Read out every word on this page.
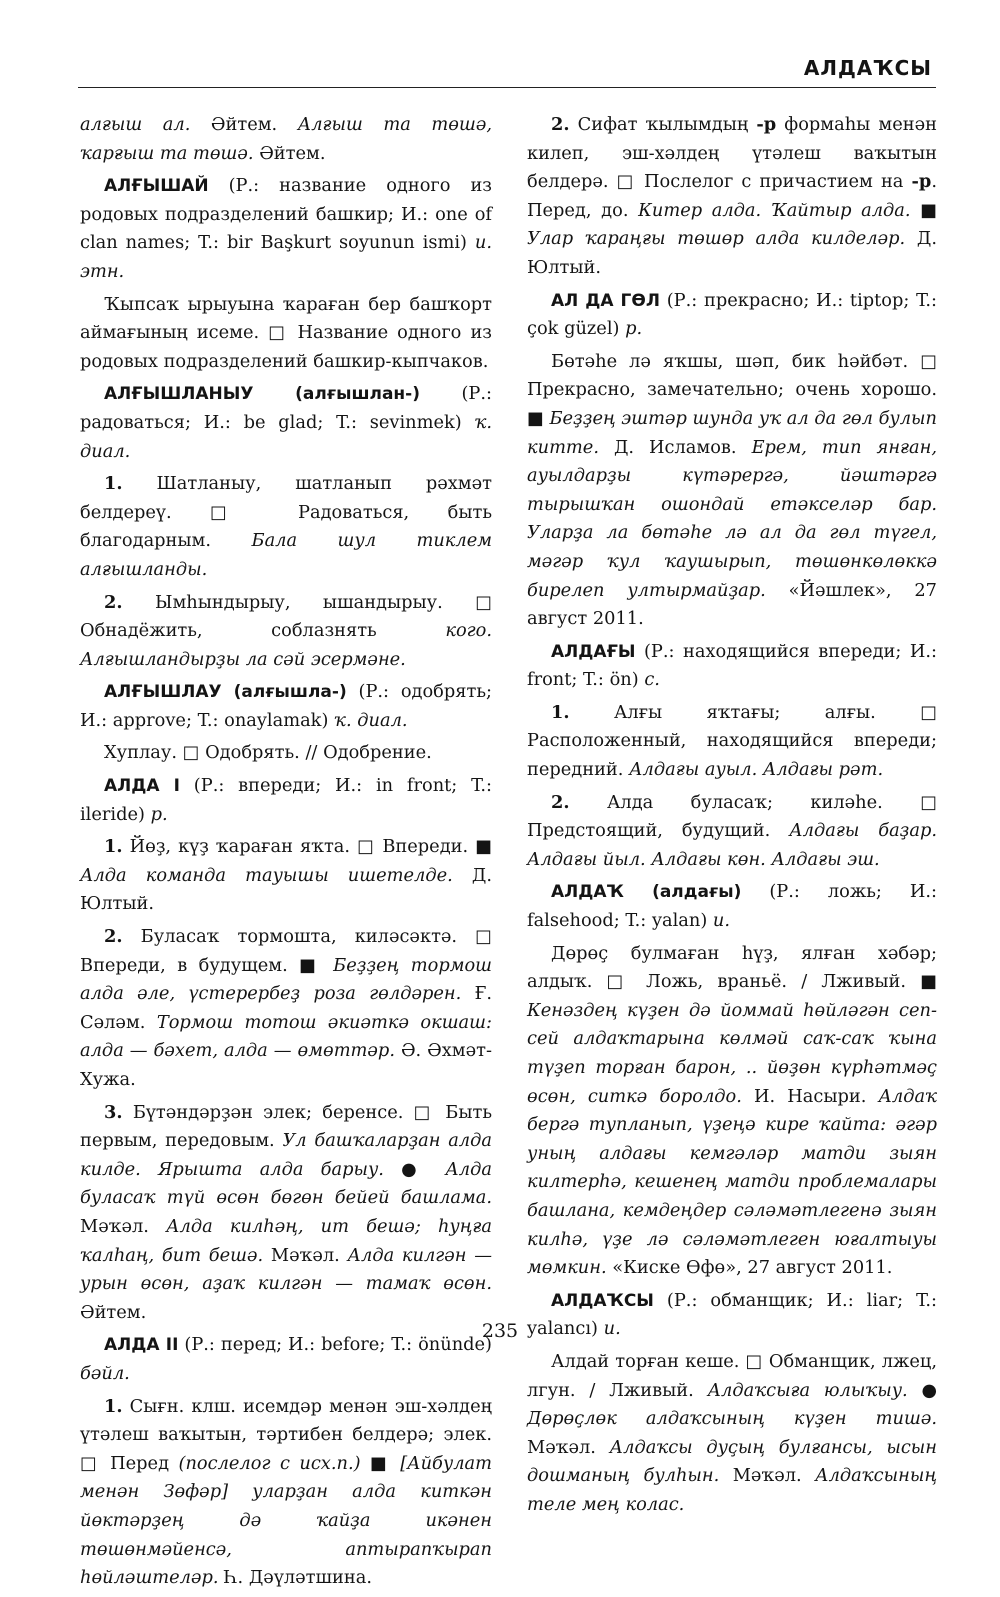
АЛДАҠСЫ

алғыш ал. Әйтем. Алғыш та төшә, ҡарғыш та төшә. Әйтем.

АЛҒЫШАЙ (Р.: название одного из родовых подразделений башкир; И.: one of clan names; T.: bir Başkurt soyunun ismi) и. этн.

Ҡыпсаҡ ырыуына ҡараған бер башҡорт аймағының исеме. □ Название одного из родовых подразделений башкир-кыпчаков.

АЛҒЫШЛАНЫУ (алғышлан-) (Р.: радоваться; И.: be glad; T.: sevinmek) ҡ. диал.

1. Шатланыу, шатланып рәхмәт белдереү. □ Радоваться, быть благодарным. Бала шул тиклем алғышланды.

2. Ымһындырыу, ышандырыу. □ Обнадёжить, соблазнять кого. Алғышландырҙы ла сәй эсермәне.

АЛҒЫШЛАУ (алғышла-) (Р.: одобрять; И.: approve; T.: onaylamak) ҡ. диал.

Хуплау. □ Одобрять. // Одобрение.

АЛДА I (Р.: впереди; И.: in front; T.: ileride) р.

1. Йөҙ, күҙ ҡараған яҡта. □ Впереди. ■ Алда команда тауышы ишетелде. Д. Юлтый.

2. Буласаҡ тормошта, киләсәктә. □ Впереди, в будущем. ■ Беҙҙең тормош алда әле, үстерербеҙ роза гөлдәрен. Ғ. Сәләм. Тормош тотош әкиәткә окшаш: алда — бәхет, алда — өмөттәр. Ә. Әхмәт-Хужа.

3. Бүтәндәрҙән элек; беренсе. □ Быть первым, передовым. Ул башҡаларҙан алда килде. Ярышта алда барыу. ● Алда буласаҡ түй өсөн бөгөн бейей башлама. Мәҡәл. Алда килһәң, ит бешә; һуңға ҡалһаң, бит бешә. Мәҡәл. Алда килгән — урын өсөн, аҙаҡ килгән — тамаҡ өсөн. Әйтем.

АЛДА II (Р.: перед; И.: before; T.: önünde) бәйл.

1. Сығн. клш. исемдәр менән эш-хәлдең үтәлеш ваҡытын, тәртибен белдерә; элек. □ Перед (послелог с исх.п.) ■ [Айбулат менән Зөфәр] уларҙан алда киткән йөктәрҙең дә ҡайҙа икәнен төшөнмәйенсә, аптырапҡырап һөйләштеләр. Һ. Дәүләтшина.

2. Сифат ҡылымдың -р формаһы менән килеп, эш-хәлдең үтәлеш ваҡытын белдерә. □ Послелог с причастием на -р. Перед, до. Китер алда. Ҡайтыр алда. ■ Улар ҡараңғы төшөр алда килделәр. Д. Юлтый.

АЛ ДА ГӨЛ (Р.: прекрасно; И.: tiptop; T.: çok güzel) р.

Бөтәһе лә яҡшы, шәп, бик һәйбәт. □ Прекрасно, замечательно; очень хорошо. ■ Беҙҙең эштәр шунда уҡ ал да гөл булып китте. Д. Исламов. Ерем, тип янған, ауылдарҙы күтәрергә, йәштәргә тырышҡан ошондай етәкселәр бар. Уларҙа ла бөтәһе лә ал да гөл түгел, мәгәр ҡул ҡаушырып, төшөнкөлөккә бирелеп ултырмайҙар. «Йәшлек», 27 август 2011.

АЛДАҒЫ (Р.: находящийся впереди; И.: front; T.: ön) с.

1. Алғы яҡтағы; алғы. □ Расположенный, находящийся впереди; передний. Алдағы ауыл. Алдағы рәт.

2. Алда буласаҡ; киләһе. □ Предстоящий, будущий. Алдағы баҙар. Алдағы йыл. Алдағы көн. Алдағы эш.

АЛДАҠ (алдағы) (Р.: ложь; И.: falsehood; T.: yalan) и.

Дөрөҫ булмаған һүҙ, ялған хәбәр; алдыҡ. □ Ложь, враньё. / Лживый. ■ Кенәздең күҙен дә йоммай һөйләгән сеп-сей алдаҡтарына көлмәй саҡ-саҡ ҡына түҙеп торған барон, .. йөҙөн күрһәтмәҫ өсөн, ситкә боролдо. И. Насыри. Алдаҡ бергә тупланып, үҙеңә кире ҡайта: әгәр уның алдағы кемгәләр матди зыян килтерһә, кешенең матди проблемалары башлана, кемдеңдер сәләмәтлегенә зыян килһә, үҙе лә сәләмәтлеген юғалтыуы мөмкин. «Киске Өфө», 27 август 2011.

АЛДАҠСЫ (Р.: обманщик; И.: liar; T.: yalancı) и.

Алдай торған кеше. □ Обманщик, лжец, лгун. / Лживый. Алдаҡсыға юлыҡыу. ● Дөрөҫлөк алдаҡсының күҙен тишә. Мәҡәл. Алдаҡсы дуҫың булғансы, ысын дошманың булһын. Мәҡәл. Алдаҡсының теле мең колас.

235
